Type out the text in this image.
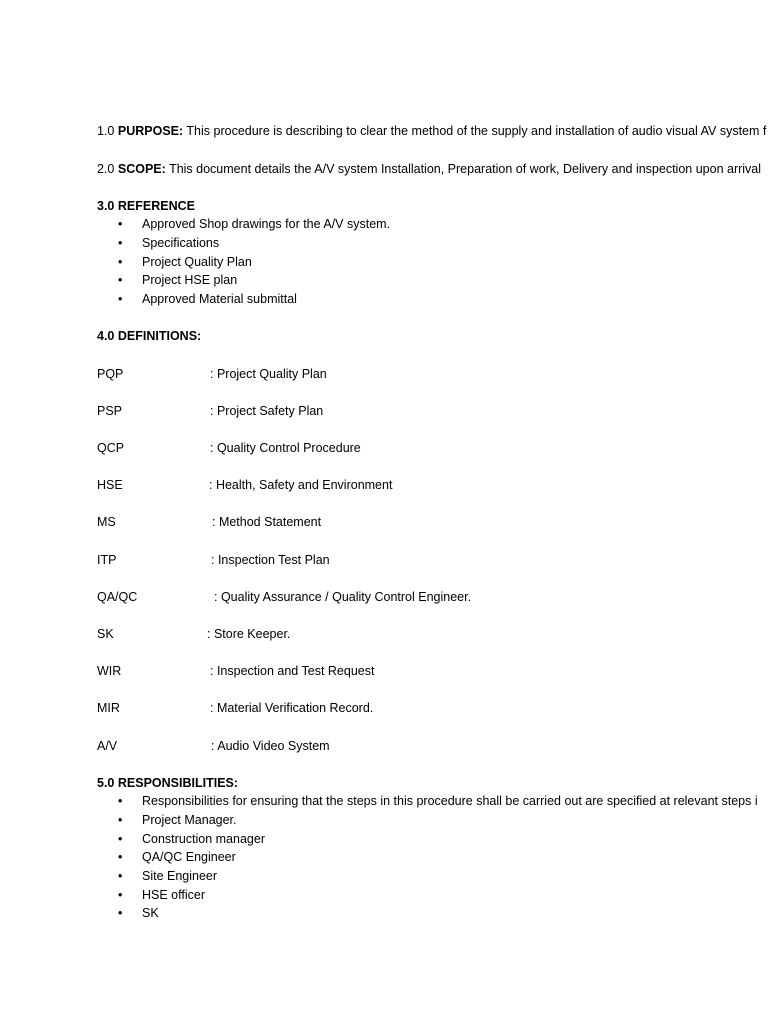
1.0 PURPOSE: This procedure is describing to clear the method of the supply and installation of audio visual AV system f
2.0 SCOPE: This document details the A/V system Installation, Preparation of work, Delivery and inspection upon arrival
3.0 REFERENCE
• Approved Shop drawings for the A/V system.
• Specifications
• Project Quality Plan
• Project HSE plan
• Approved Material submittal
4.0 DEFINITIONS:
PQP	: Project Quality Plan
PSP	: Project Safety Plan
QCP	: Quality Control Procedure
HSE	: Health, Safety and Environment
MS	: Method Statement
ITP	: Inspection Test Plan
QA/QC	: Quality Assurance / Quality Control Engineer.
SK	: Store Keeper.
WIR	: Inspection and Test Request
MIR	: Material Verification Record.
A/V	: Audio Video System
5.0 RESPONSIBILITIES:
• Responsibilities for ensuring that the steps in this procedure shall be carried out are specified at relevant steps i
• Project Manager.
• Construction manager
• QA/QC Engineer
• Site Engineer
• HSE officer
• SK
